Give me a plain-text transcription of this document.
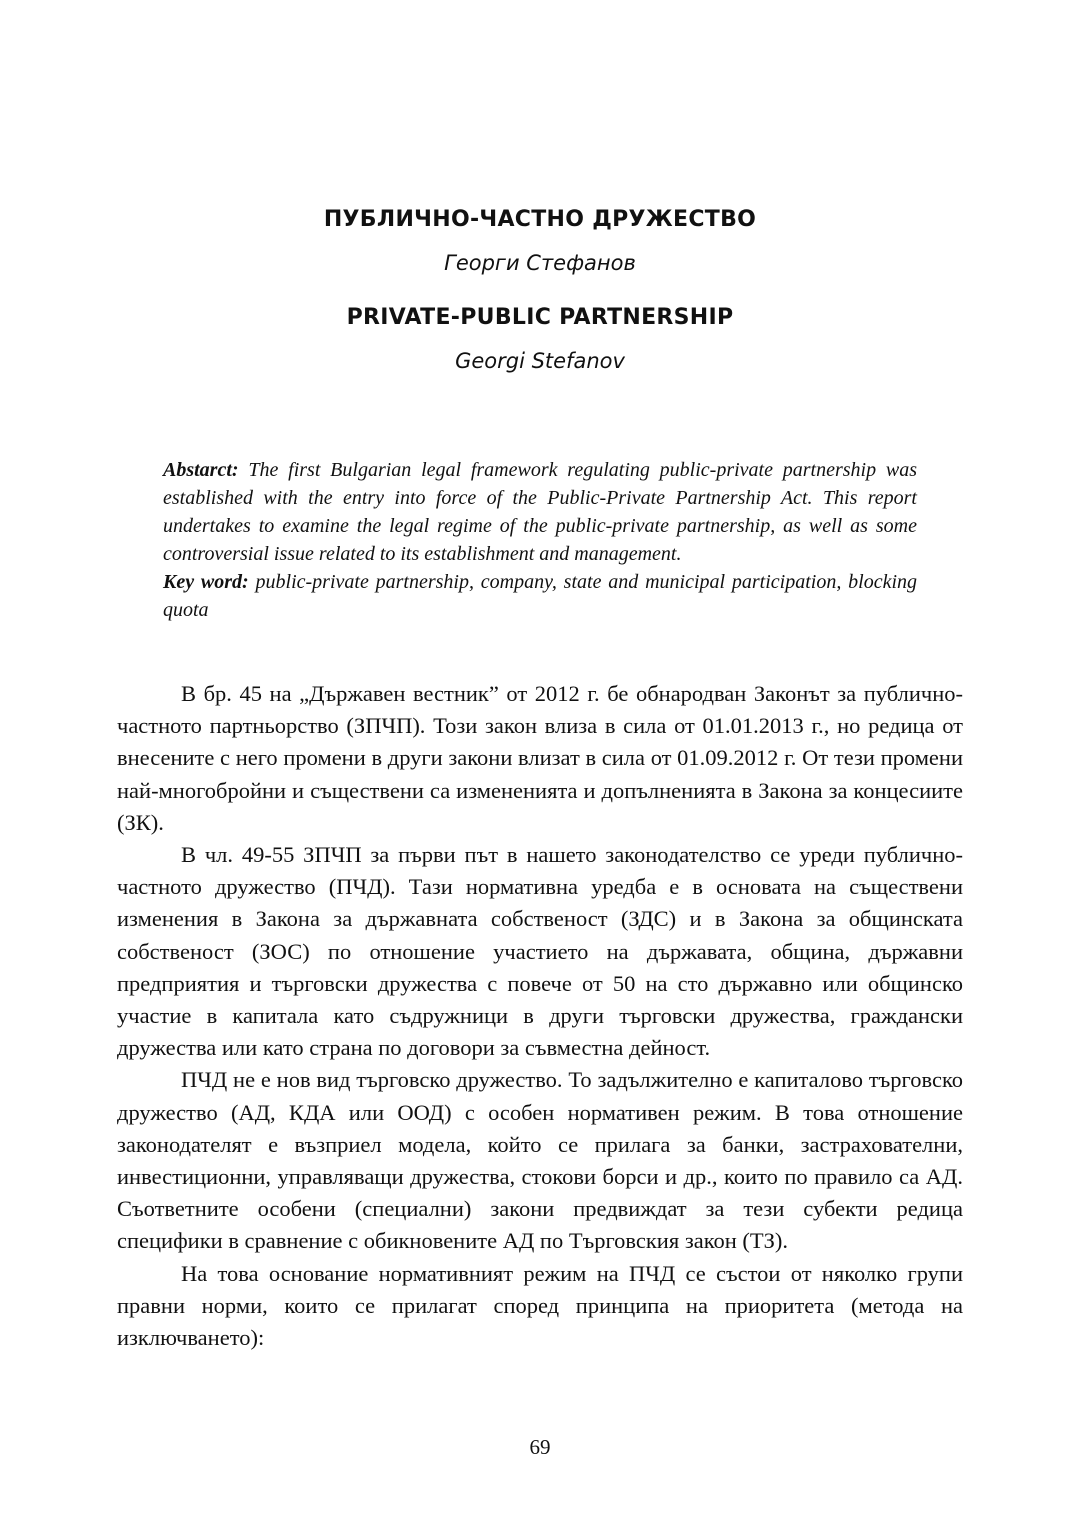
ПУБЛИЧНО-ЧАСТНО ДРУЖЕСТВО
Георги Стефанов
PRIVATE-PUBLIC PARTNERSHIP
Georgi Stefanov

Abstarct: The first Bulgarian legal framework regulating public-private partnership was established with the entry into force of the Public-Private Partnership Act. This report undertakes to examine the legal regime of the public-private partnership, as well as some controversial issue related to its establishment and management.

Key word: public-private partnership, company, state and municipal participation, blocking quota

В бр. 45 на „Държавен вестник” от 2012 г. бе обнародван Законът за публично-частното партньорство (ЗПЧП). Този закон влиза в сила от 01.01.2013 г., но редица от внесените с него промени в други закони влизат в сила от 01.09.2012 г. От тези промени най-многобройни и съществени са измененията и допълненията в Закона за концесиите (ЗК).

В чл. 49-55 ЗПЧП за първи път в нашето законодателство се уреди публично-частното дружество (ПЧД). Тази нормативна уредба е в основата на съществени изменения в Закона за държавната собственост (ЗДС) и в Закона за общинската собственост (ЗОС) по отношение участието на държавата, община, държавни предприятия и търговски дружества с повече от 50 на сто държавно или общинско участие в капитала като съдружници в други търговски дружества, граждански дружества или като страна по договори за съвместна дейност.

ПЧД не е нов вид търговско дружество. То задължително е капиталово търговско дружество (АД, КДА или ООД) с особен нормативен режим. В това отношение законодателят е възприел модела, който се прилага за банки, застрахователни, инвестиционни, управляващи дружества, стокови борси и др., които по правило са АД. Съответните особени (специални) закони предвиждат за тези субекти редица специфики в сравнение с обикновените АД по Търговския закон (ТЗ).

На това основание нормативният режим на ПЧД се състои от няколко групи правни норми, които се прилагат според принципа на приоритета (метода на изключването):

69
